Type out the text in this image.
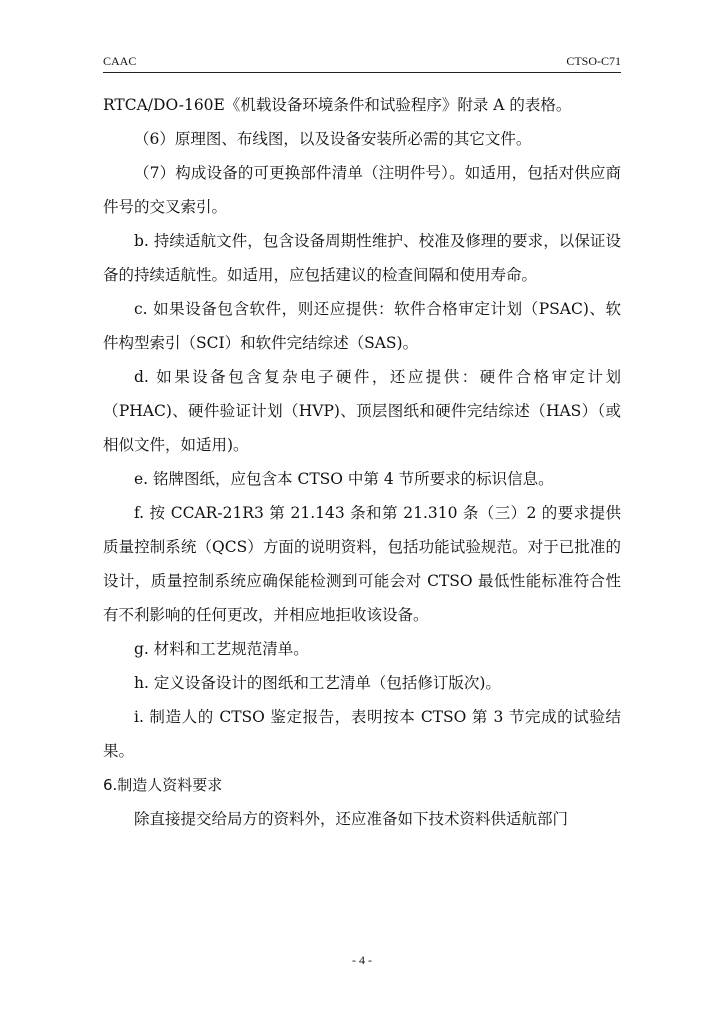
CAAC	CTSO-C71

RTCA/DO-160E《机载设备环境条件和试验程序》附录 A 的表格。

（6）原理图、布线图，以及设备安装所必需的其它文件。

（7）构成设备的可更换部件清单（注明件号）。如适用，包括对供应商件号的交叉索引。

b. 持续适航文件，包含设备周期性维护、校准及修理的要求，以保证设备的持续适航性。如适用，应包括建议的检查间隔和使用寿命。

c. 如果设备包含软件，则还应提供：软件合格审定计划（PSAC)、软件构型索引（SCI）和软件完结综述（SAS)。

d. 如果设备包含复杂电子硬件，还应提供：硬件合格审定计划（PHAC)、硬件验证计划（HVP)、顶层图纸和硬件完结综述（HAS）（或相似文件，如适用)。

e. 铭牌图纸，应包含本 CTSO 中第 4 节所要求的标识信息。

f. 按 CCAR-21R3 第 21.143 条和第 21.310 条（三）2 的要求提供质量控制系统（QCS）方面的说明资料，包括功能试验规范。对于已批准的设计，质量控制系统应确保能检测到可能会对 CTSO 最低性能标准符合性有不利影响的任何更改，并相应地拒收该设备。

g. 材料和工艺规范清单。

h. 定义设备设计的图纸和工艺清单（包括修订版次)。

i. 制造人的 CTSO 鉴定报告，表明按本 CTSO 第 3 节完成的试验结果。

6.制造人资料要求

除直接提交给局方的资料外，还应准备如下技术资料供适航部门

- 4 -
